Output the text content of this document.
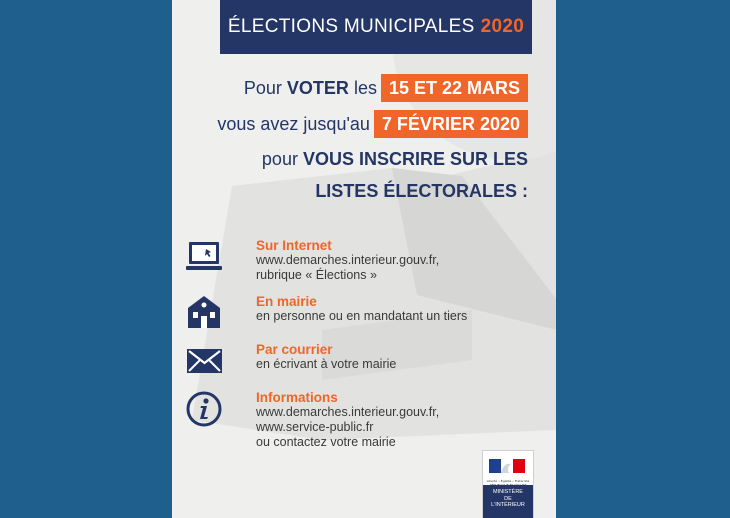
ÉLECTIONS MUNICIPALES 2020
Pour VOTER les 15 ET 22 MARS
vous avez jusqu'au 7 FÉVRIER 2020
pour VOUS INSCRIRE SUR LES
LISTES ÉLECTORALES :
Sur Internet
www.demarches.interieur.gouv.fr,
rubrique « Élections »
En mairie
en personne ou en mandatant un tiers
Par courrier
en écrivant à votre mairie
Informations
www.demarches.interieur.gouv.fr,
www.service-public.fr
ou contactez votre mairie
Liberté • Égalité • Fraternité
MINISTÈRE
DE
L'INTÉRIEUR
